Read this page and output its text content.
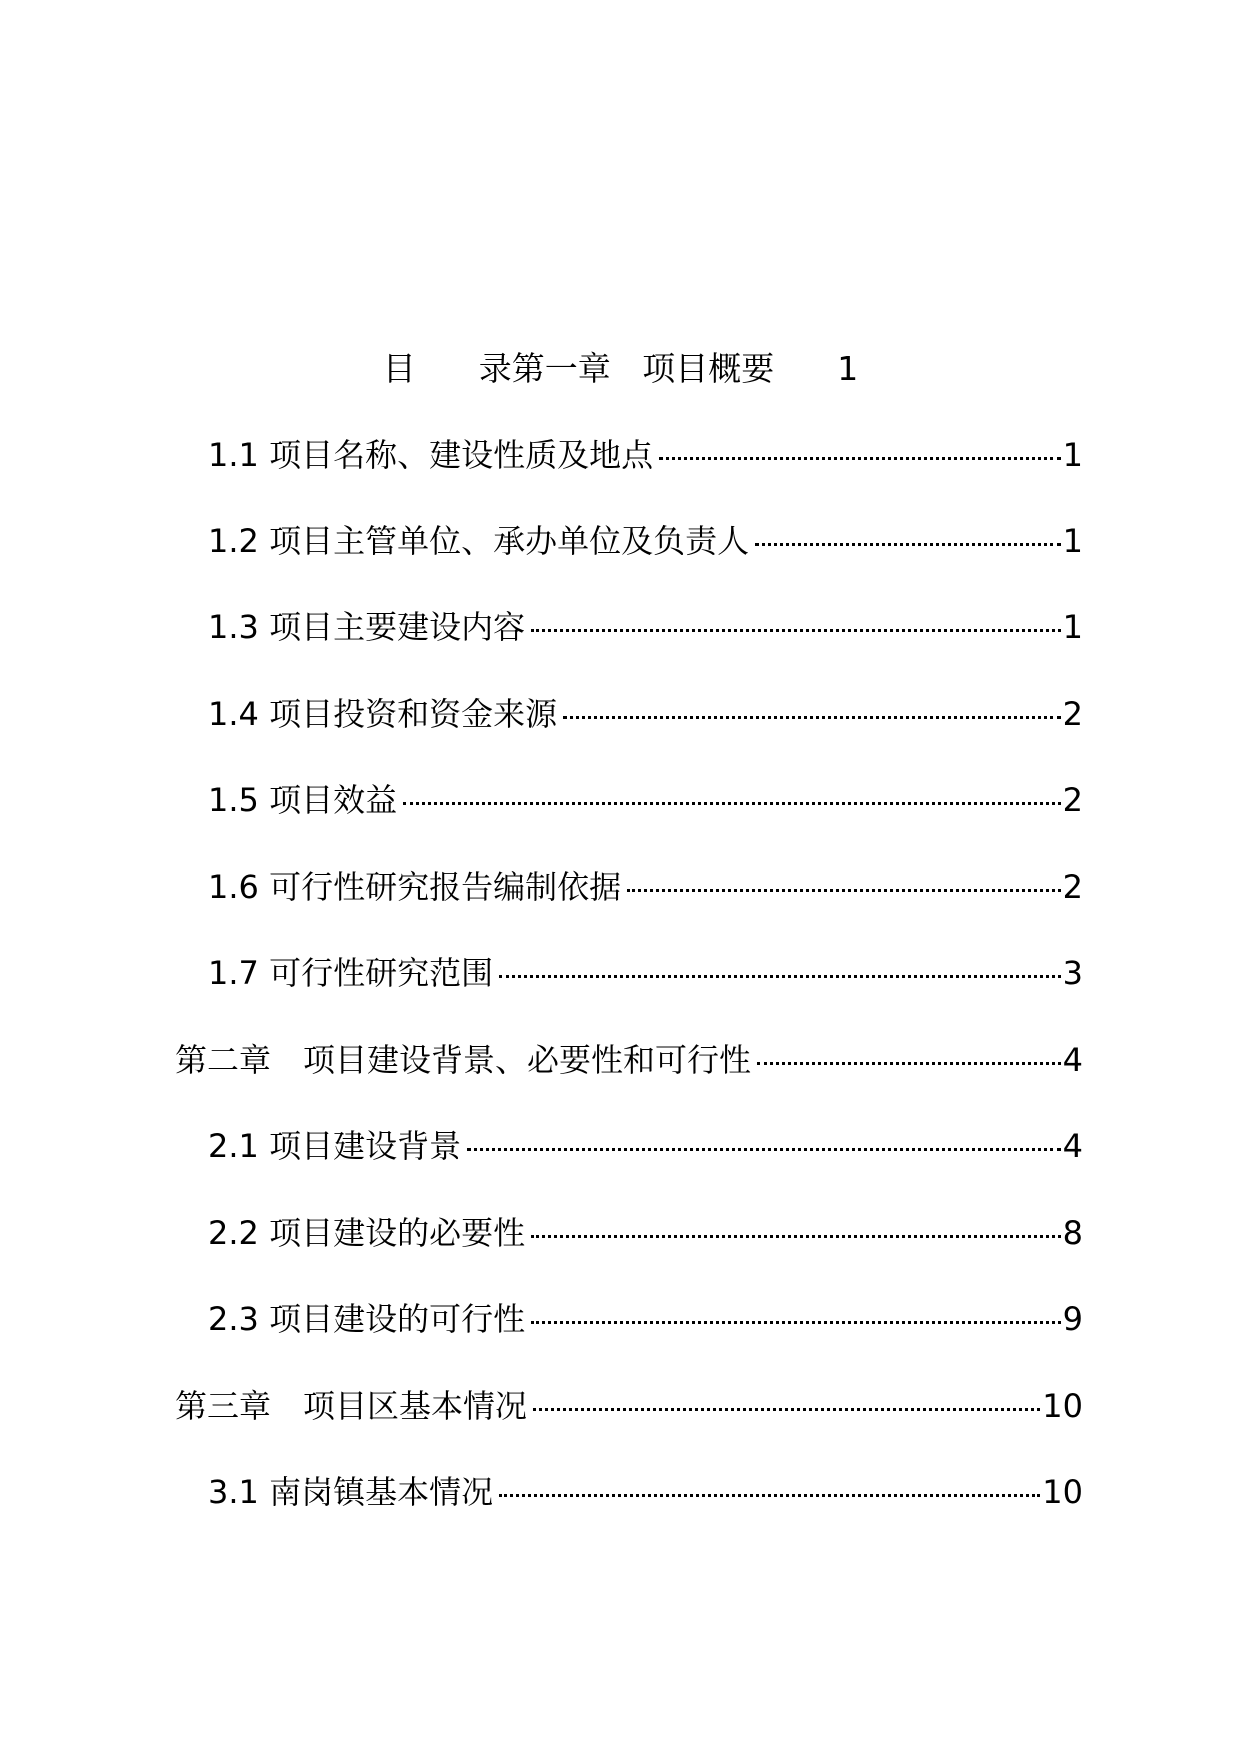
目 录第一章 项目概要 1
1.1 项目名称、建设性质及地点	1
1.2 项目主管单位、承办单位及负责人	1
1.3 项目主要建设内容	1
1.4 项目投资和资金来源	2
1.5 项目效益	2
1.6 可行性研究报告编制依据	2
1.7 可行性研究范围	3
第二章　项目建设背景、必要性和可行性	4
2.1 项目建设背景	4
2.2 项目建设的必要性	8
2.3 项目建设的可行性	9
第三章　项目区基本情况	10
3.1 南岗镇基本情况	10
